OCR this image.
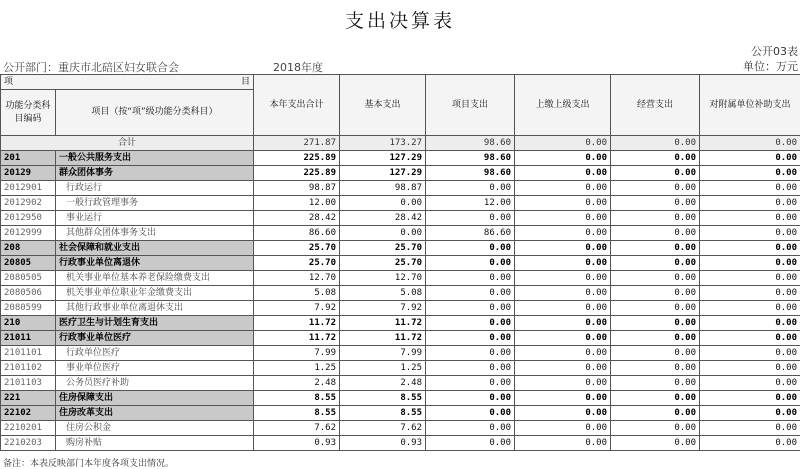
支出决算表
公开03表
公开部门：重庆市北碚区妇女联合会	2018年度	单位：万元
项 目		本年支出合计	基本支出	项目支出	上缴上级支出	经营支出	对附属单位补助支出
功能分类科目编码	项目（按“项”级功能分类科目）						
合计		271.87	173.27	98.60	0.00	0.00	0.00
201	一般公共服务支出	225.89	127.29	98.60	0.00	0.00	0.00
20129	群众团体事务	225.89	127.29	98.60	0.00	0.00	0.00
2012901	行政运行	98.87	98.87	0.00	0.00	0.00	0.00
2012902	一般行政管理事务	12.00	0.00	12.00	0.00	0.00	0.00
2012950	事业运行	28.42	28.42	0.00	0.00	0.00	0.00
2012999	其他群众团体事务支出	86.60	0.00	86.60	0.00	0.00	0.00
208	社会保障和就业支出	25.70	25.70	0.00	0.00	0.00	0.00
20805	行政事业单位离退休	25.70	25.70	0.00	0.00	0.00	0.00
2080505	机关事业单位基本养老保险缴费支出	12.70	12.70	0.00	0.00	0.00	0.00
2080506	机关事业单位职业年金缴费支出	5.08	5.08	0.00	0.00	0.00	0.00
2080599	其他行政事业单位离退休支出	7.92	7.92	0.00	0.00	0.00	0.00
210	医疗卫生与计划生育支出	11.72	11.72	0.00	0.00	0.00	0.00
21011	行政事业单位医疗	11.72	11.72	0.00	0.00	0.00	0.00
2101101	行政单位医疗	7.99	7.99	0.00	0.00	0.00	0.00
2101102	事业单位医疗	1.25	1.25	0.00	0.00	0.00	0.00
2101103	公务员医疗补助	2.48	2.48	0.00	0.00	0.00	0.00
221	住房保障支出	8.55	8.55	0.00	0.00	0.00	0.00
22102	住房改革支出	8.55	8.55	0.00	0.00	0.00	0.00
2210201	住房公积金	7.62	7.62	0.00	0.00	0.00	0.00
2210203	购房补贴	0.93	0.93	0.00	0.00	0.00	0.00
备注：本表反映部门本年度各项支出情况。
